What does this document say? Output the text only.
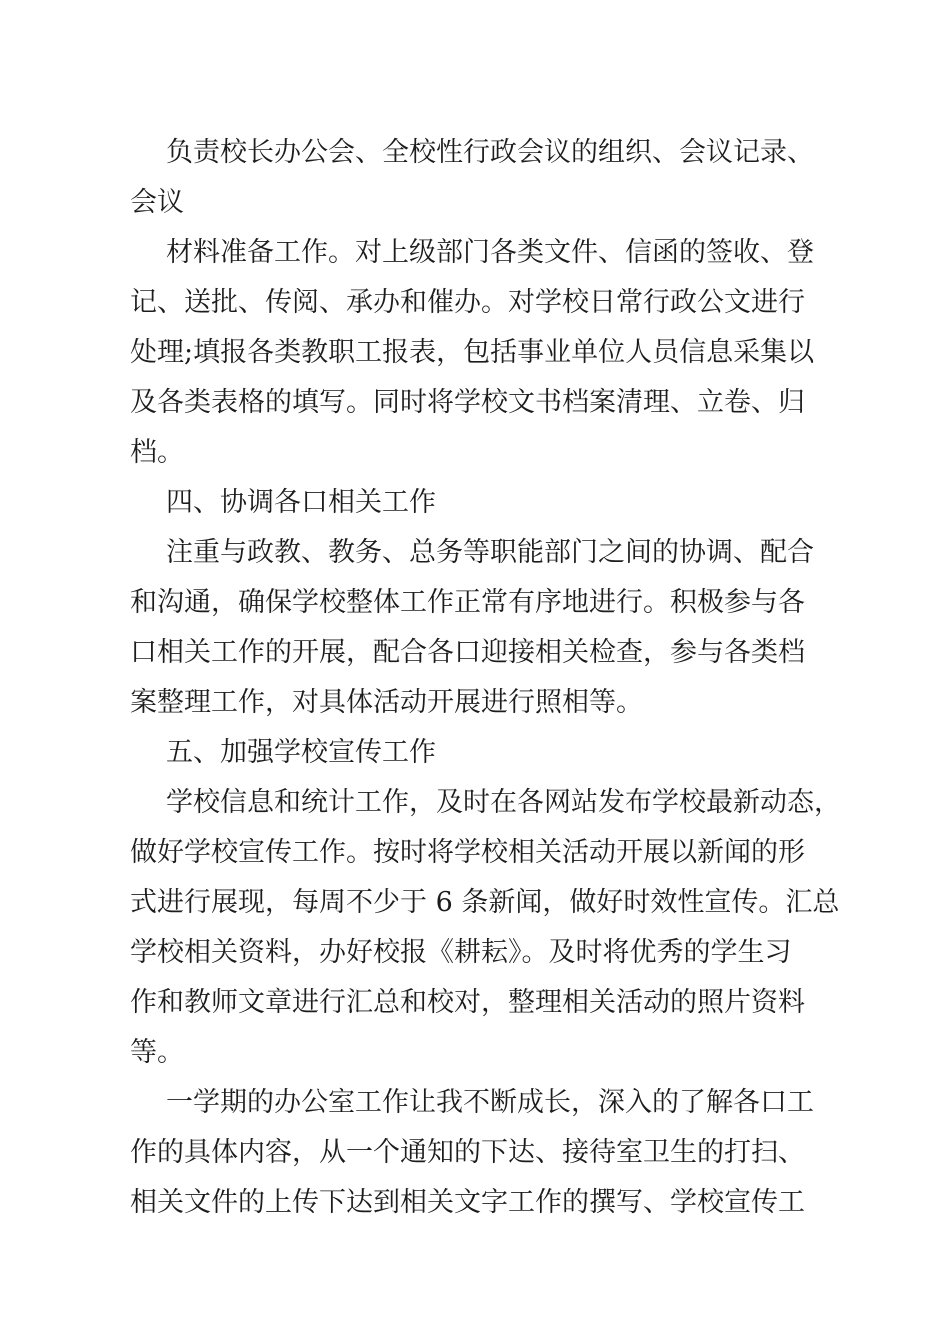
负责校长办公会、全校性行政会议的组织、会议记录、
会议
材料准备工作。对上级部门各类文件、信函的签收、登
记、送批、传阅、承办和催办。对学校日常行政公文进行
处理;填报各类教职工报表，包括事业单位人员信息采集以
及各类表格的填写。同时将学校文书档案清理、立卷、归
档。
四、协调各口相关工作
注重与政教、教务、总务等职能部门之间的协调、配合
和沟通，确保学校整体工作正常有序地进行。积极参与各
口相关工作的开展，配合各口迎接相关检查，参与各类档
案整理工作，对具体活动开展进行照相等。
五、加强学校宣传工作
学校信息和统计工作，及时在各网站发布学校最新动态，
做好学校宣传工作。按时将学校相关活动开展以新闻的形
式进行展现，每周不少于 6 条新闻，做好时效性宣传。汇总
学校相关资料，办好校报《耕耘》。及时将优秀的学生习
作和教师文章进行汇总和校对，整理相关活动的照片资料
等。
一学期的办公室工作让我不断成长，深入的了解各口工
作的具体内容，从一个通知的下达、接待室卫生的打扫、
相关文件的上传下达到相关文字工作的撰写、学校宣传工
